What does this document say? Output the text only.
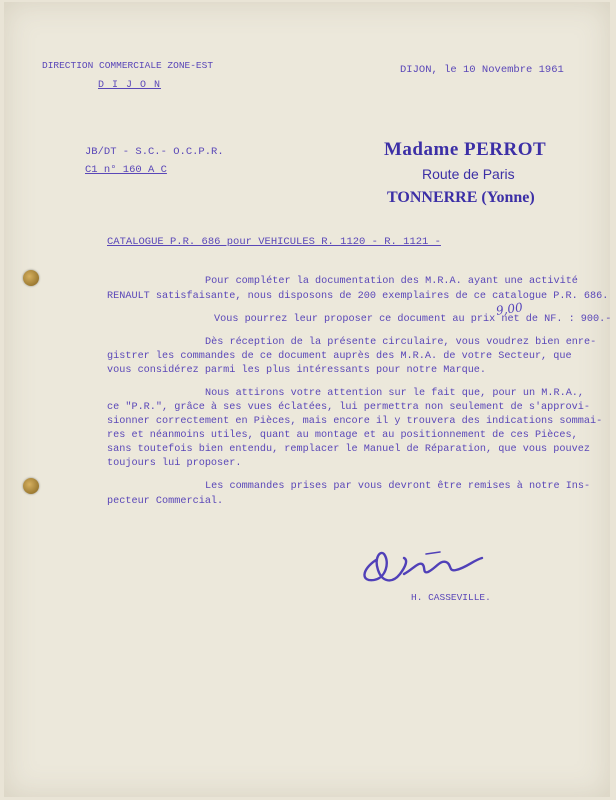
DIRECTION COMMERCIALE ZONE-EST
D I J O N
DIJON, le 10 Novembre 1961
JB/DT - S.C.- O.C.P.R.
C1 n° 160 A C
Madame PERROT
Route de Paris
TONNERRE (Yonne)
CATALOGUE P.R. 686 pour VEHICULES R. 1120 - R. 1121 -
Pour compléter la documentation des M.R.A. ayant une activité
RENAULT satisfaisante, nous disposons de 200 exemplaires de ce catalogue P.R. 686.
Vous pourrez leur proposer ce document au prix net de NF. : 900.-
9,00
Dès réception de la présente circulaire, vous voudrez bien enre-
gistrer les commandes de ce document auprès des M.R.A. de votre Secteur, que
vous considérez parmi les plus intéressants pour notre Marque.
Nous attirons votre attention sur le fait que, pour un M.R.A.,
ce "P.R.", grâce à ses vues éclatées, lui permettra non seulement de s'approvi-
sionner correctement en Pièces, mais encore il y trouvera des indications sommai-
res et néanmoins utiles, quant au montage et au positionnement de ces Pièces,
sans toutefois bien entendu, remplacer le Manuel de Réparation, que vous pouvez
toujours lui proposer.
Les commandes prises par vous devront être remises à notre Ins-
pecteur Commercial.
H. CASSEVILLE.
